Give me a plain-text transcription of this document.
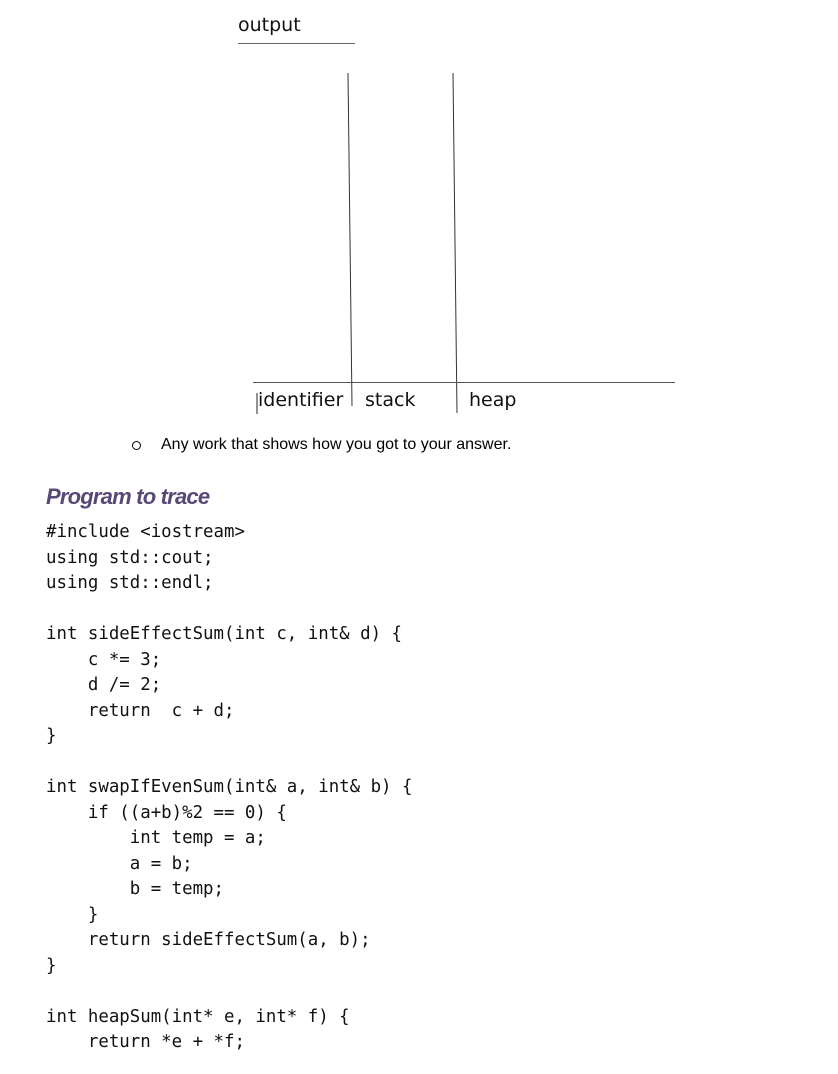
output
identifier stack	heap
Any work that shows how you got to your answer.
Program to trace
#include <iostream>
using std::cout;
using std::endl;
int sideEffectSum(int c, int& d) {
c *= 3;
d /= 2;
return  c + d;
}
int swapIfEvenSum(int& a, int& b) {
if ((a+b)%2 == 0) {
int temp = a;
a = b;
b = temp;
}
return sideEffectSum(a, b);
}
int heapSum(int* e, int* f) {
return *e + *f;
